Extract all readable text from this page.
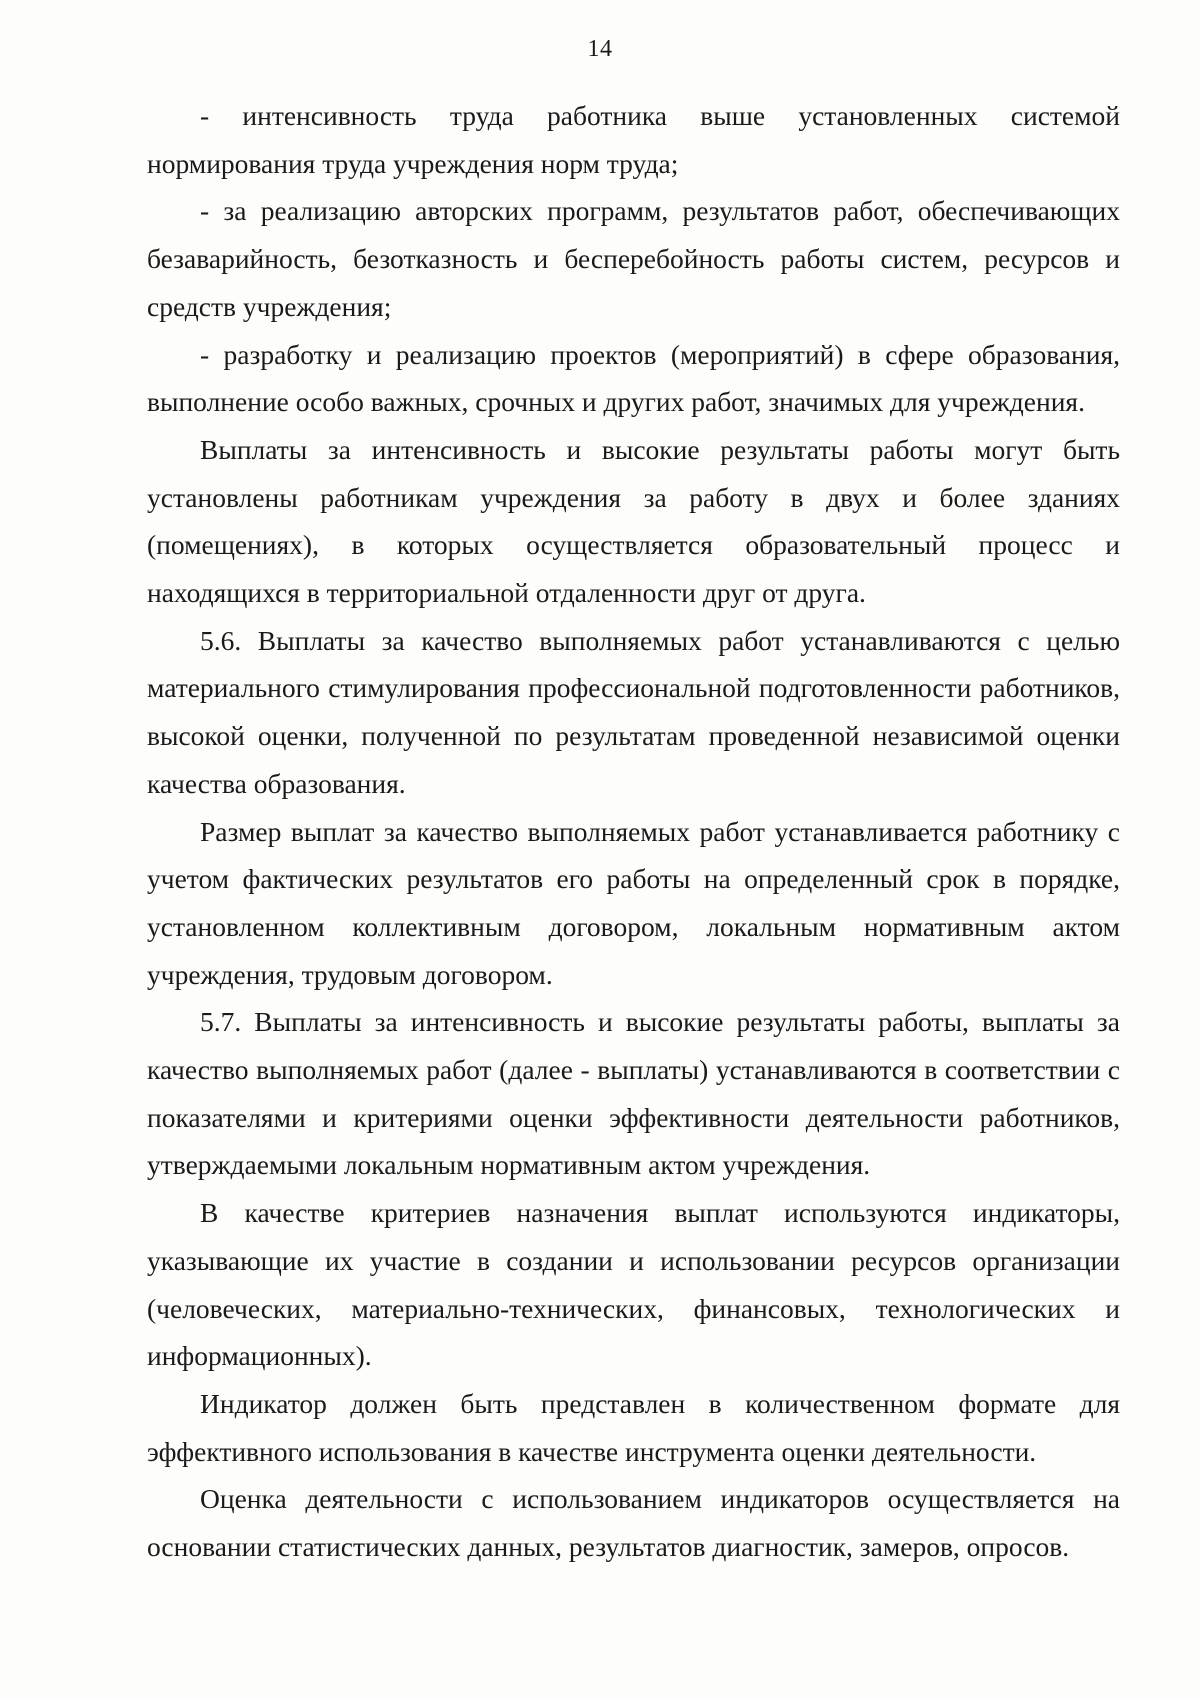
14

- интенсивность труда работника выше установленных системой нормирования труда учреждения норм труда;

- за реализацию авторских программ, результатов работ, обеспечивающих безаварийность, безотказность и бесперебойность работы систем, ресурсов и средств учреждения;

- разработку и реализацию проектов (мероприятий) в сфере образования, выполнение особо важных, срочных и других работ, значимых для учреждения.

Выплаты за интенсивность и высокие результаты работы могут быть установлены работникам учреждения за работу в двух и более зданиях (помещениях), в которых осуществляется образовательный процесс и находящихся в территориальной отдаленности друг от друга.

5.6. Выплаты за качество выполняемых работ устанавливаются с целью материального стимулирования профессиональной подготовленности работников, высокой оценки, полученной по результатам проведенной независимой оценки качества образования.

Размер выплат за качество выполняемых работ устанавливается работнику с учетом фактических результатов его работы на определенный срок в порядке, установленном коллективным договором, локальным нормативным актом учреждения, трудовым договором.

5.7. Выплаты за интенсивность и высокие результаты работы, выплаты за качество выполняемых работ (далее - выплаты) устанавливаются в соответствии с показателями и критериями оценки эффективности деятельности работников, утверждаемыми локальным нормативным актом учреждения.

В качестве критериев назначения выплат используются индикаторы, указывающие их участие в создании и использовании ресурсов организации (человеческих, материально-технических, финансовых, технологических и информационных).

Индикатор должен быть представлен в количественном формате для эффективного использования в качестве инструмента оценки деятельности.

Оценка деятельности с использованием индикаторов осуществляется на основании статистических данных, результатов диагностик, замеров, опросов.
